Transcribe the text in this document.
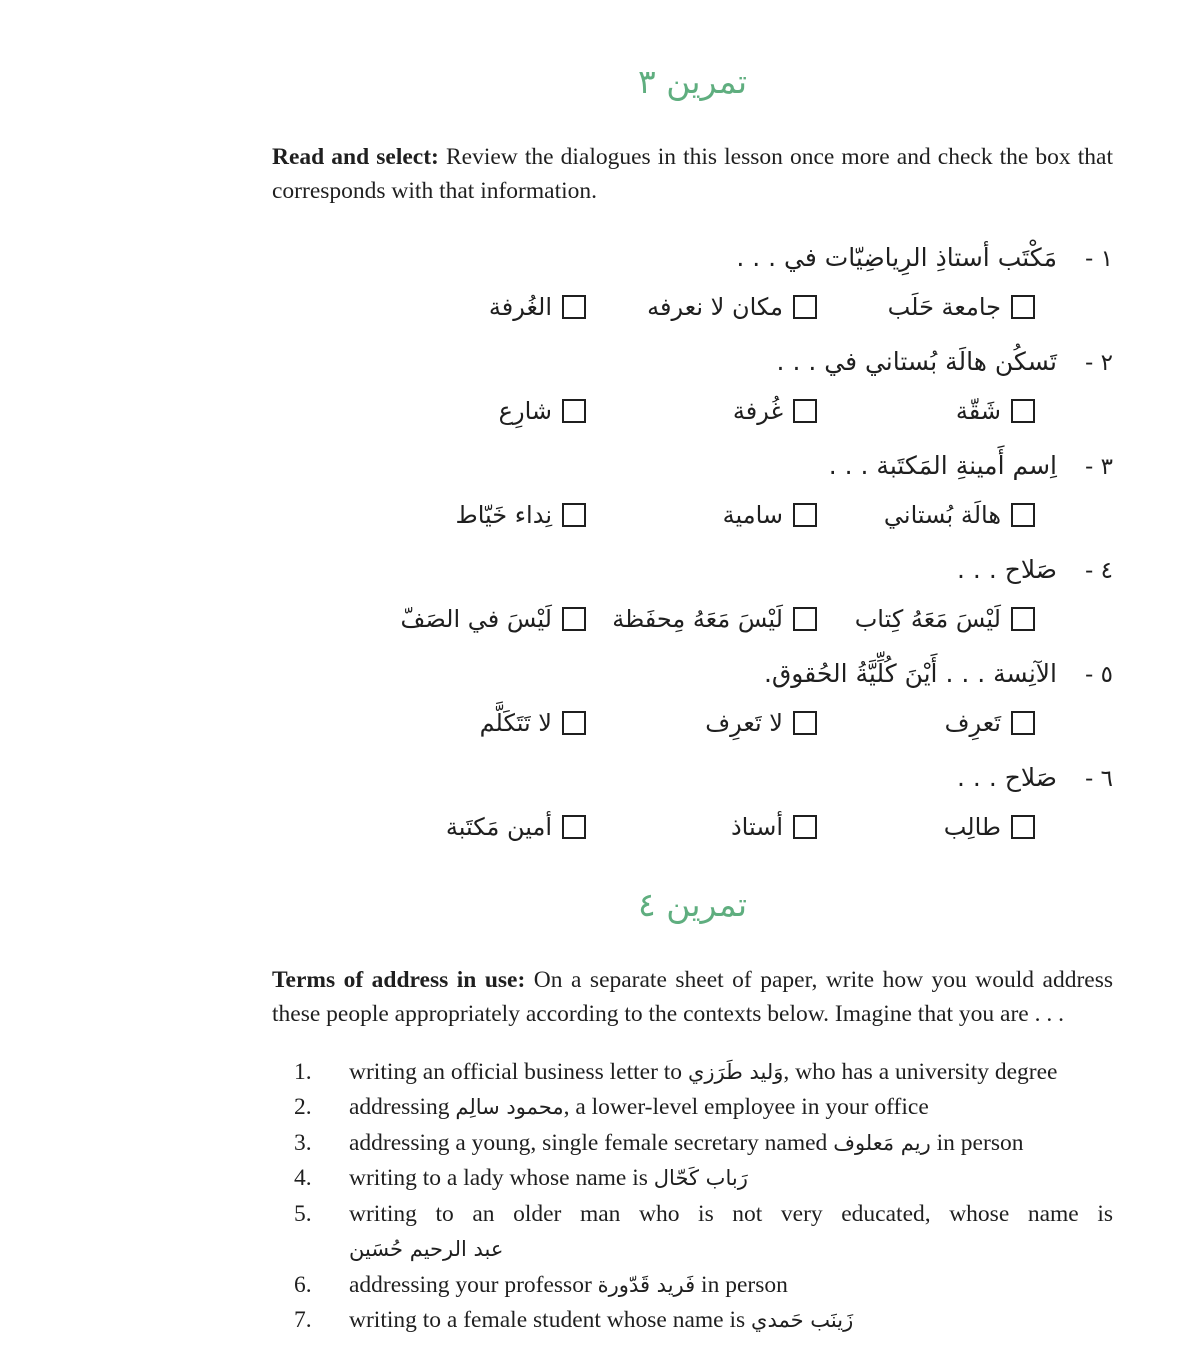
تمرين ٣

Read and select: Review the dialogues in this lesson once more and check the box that corresponds with that information.

١ -
مَكْتَب أستاذِ الرِياضِيّات في . . .
جامعة حَلَب
مكان لا نعرفه
الغُرفة
٢ -
تَسكُن هالَة بُستاني في . . .
شَقّة
غُرفة
شارِع
٣ -
اِسم أَمينةِ المَكتَبة . . .
هالَة بُستاني
سامية
نِداء خَيّاط
٤ -
صَلاح . . .
لَيْسَ مَعَهُ كِتاب
لَيْسَ مَعَهُ مِحفَظة
لَيْسَ في الصَفّ
٥ -
الآنِسة . . . أَيْنَ كُلِّيَّةُ الحُقوق.
تَعرِف
لا تَعرِف
لا تَتَكَلَّم
٦ -
صَلاح . . .
طالِب
أستاذ
أمين مَكتَبة
تمرين ٤

Terms of address in use: On a separate sheet of paper, write how you would address these people appropriately according to the contexts below. Imagine that you are . . .

1.	writing an official business letter to وَليد طَرَزي, who has a university degree
2.	addressing محمود سالِم, a lower-level employee in your office
3.	addressing a young, single female secretary named ريم مَعلوف in person
4.	writing to a lady whose name is رَباب كَحّال
5.	writing to an older man who is not very educated, whose name is
عبد الرحيم حُسَين
6.	addressing your professor فَريد قَدّورة in person
7.	writing to a female student whose name is زَينَب حَمدي
